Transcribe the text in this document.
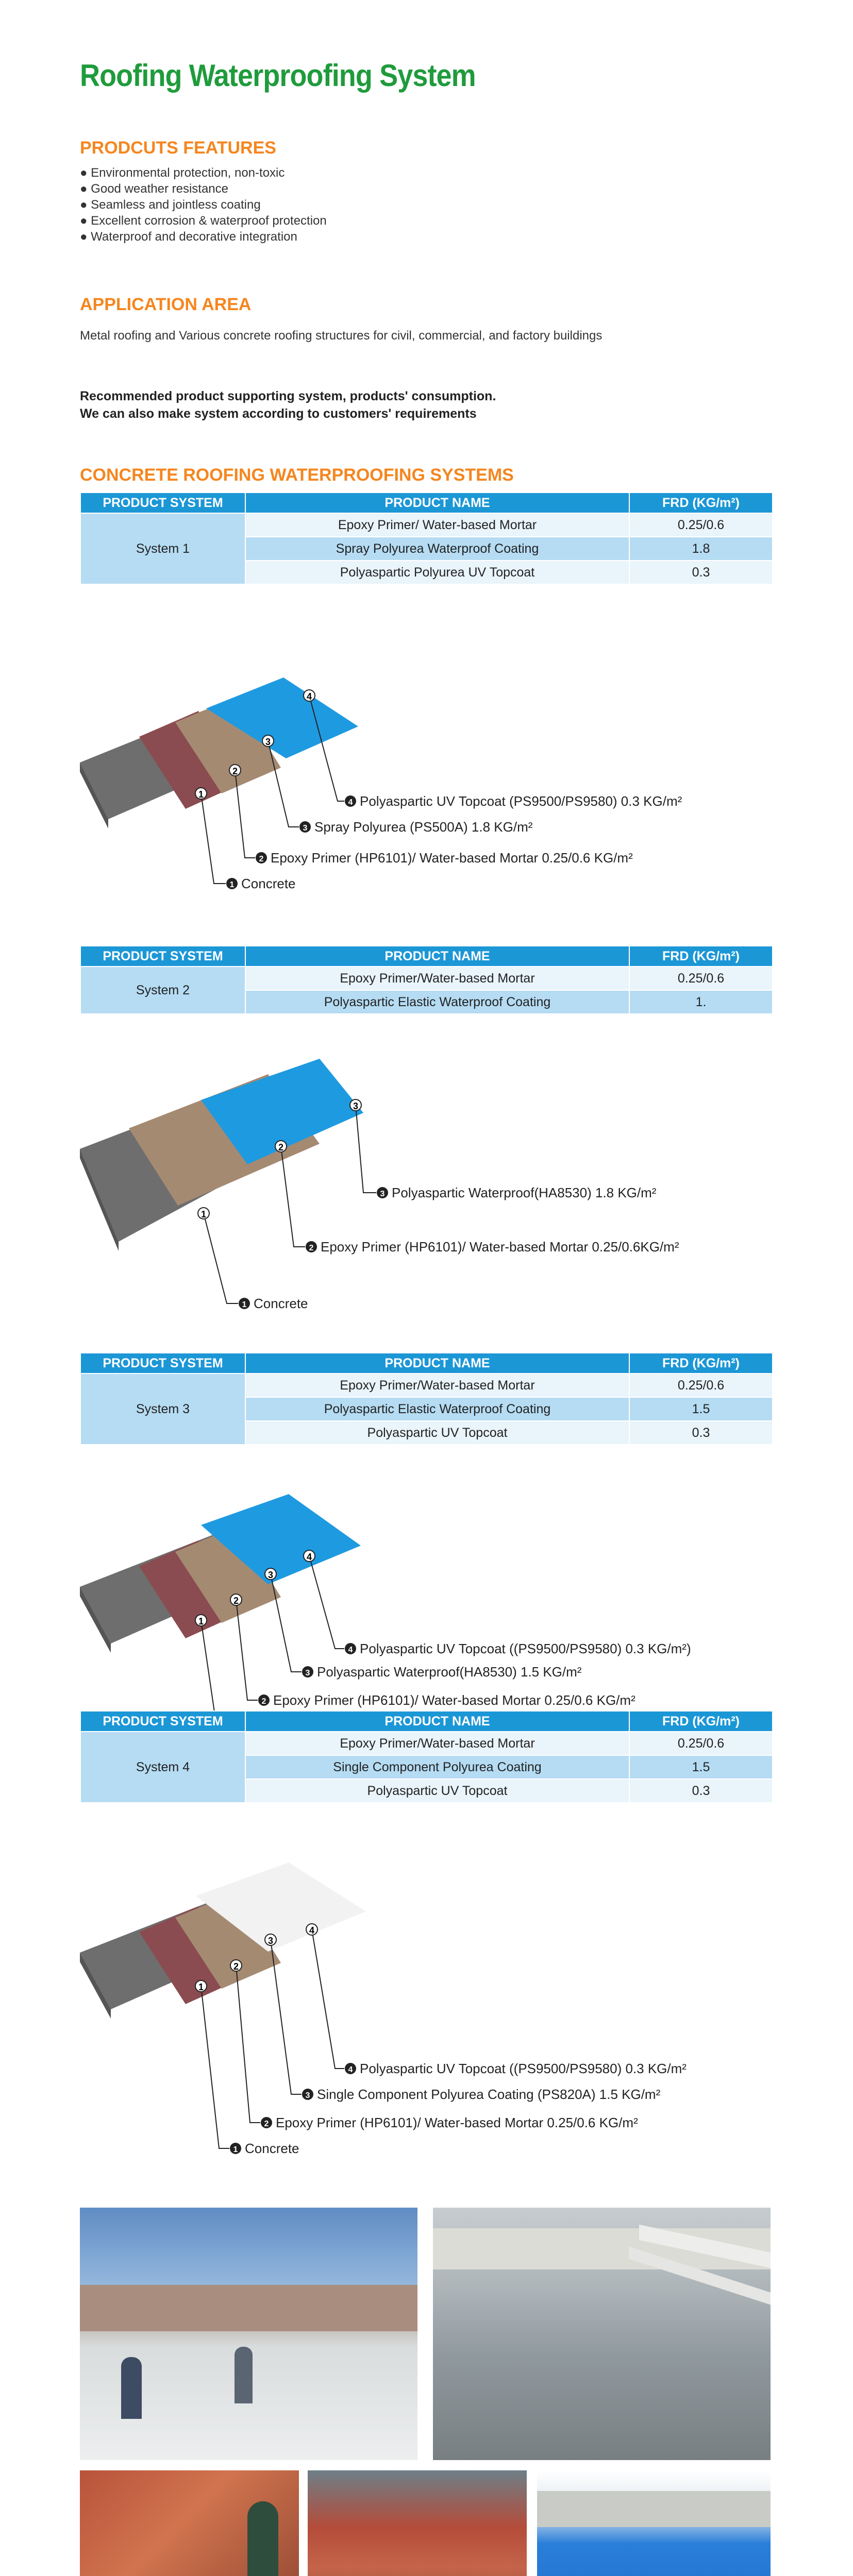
Roofing Waterproofing System
PRODCUTS FEATURES
● Environmental protection, non-toxic
● Good weather resistance
● Seamless and jointless coating
● Excellent corrosion & waterproof protection
● Waterproof and decorative integration
APPLICATION AREA
Metal roofing and Various concrete roofing structures for civil, commercial, and factory buildings
Recommended product supporting system, products' consumption.
We can also make system according to customers' requirements
CONCRETE ROOFING WATERPROOFING SYSTEMS
PRODUCT SYSTEM	PRODUCT NAME	FRD (KG/m²)
System 1	Epoxy Primer/ Water-based Mortar	0.25/0.6
	Spray Polyurea Waterproof Coating	1.8
	Polyaspartic Polyurea UV Topcoat	0.3
4
3
2
1
4
3
2
1
Polyaspartic UV Topcoat (PS9500/PS9580) 0.3 KG/m²
Spray Polyurea (PS500A) 1.8 KG/m²
Epoxy Primer (HP6101)/ Water-based Mortar 0.25/0.6 KG/m²
Concrete
PRODUCT SYSTEM	PRODUCT NAME	FRD (KG/m²)
System 2	Epoxy Primer/Water-based Mortar	0.25/0.6
	Polyaspartic Elastic Waterproof Coating	1.
3
2
1
3
2
1
Polyaspartic Waterproof(HA8530) 1.8 KG/m²
Epoxy Primer (HP6101)/ Water-based Mortar 0.25/0.6KG/m²
Concrete
PRODUCT SYSTEM	PRODUCT NAME	FRD (KG/m²)
System 3	Epoxy Primer/Water-based Mortar	0.25/0.6
	Polyaspartic Elastic Waterproof Coating	1.5
	Polyaspartic UV Topcoat	0.3
4
3
2
1
4
3
2
Polyaspartic UV Topcoat ((PS9500/PS9580) 0.3 KG/m²)
Polyaspartic Waterproof(HA8530) 1.5 KG/m²
Epoxy Primer (HP6101)/ Water-based Mortar 0.25/0.6 KG/m²
PRODUCT SYSTEM	PRODUCT NAME	FRD (KG/m²)
System 4	Epoxy Primer/Water-based Mortar	0.25/0.6
	Single Component Polyurea Coating	1.5
	Polyaspartic UV Topcoat	0.3
4
3
2
1
4
3
2
1
Polyaspartic UV Topcoat ((PS9500/PS9580) 0.3 KG/m²
Single Component Polyurea Coating (PS820A) 1.5 KG/m²
Epoxy Primer (HP6101)/ Water-based Mortar 0.25/0.6 KG/m²
Concrete
